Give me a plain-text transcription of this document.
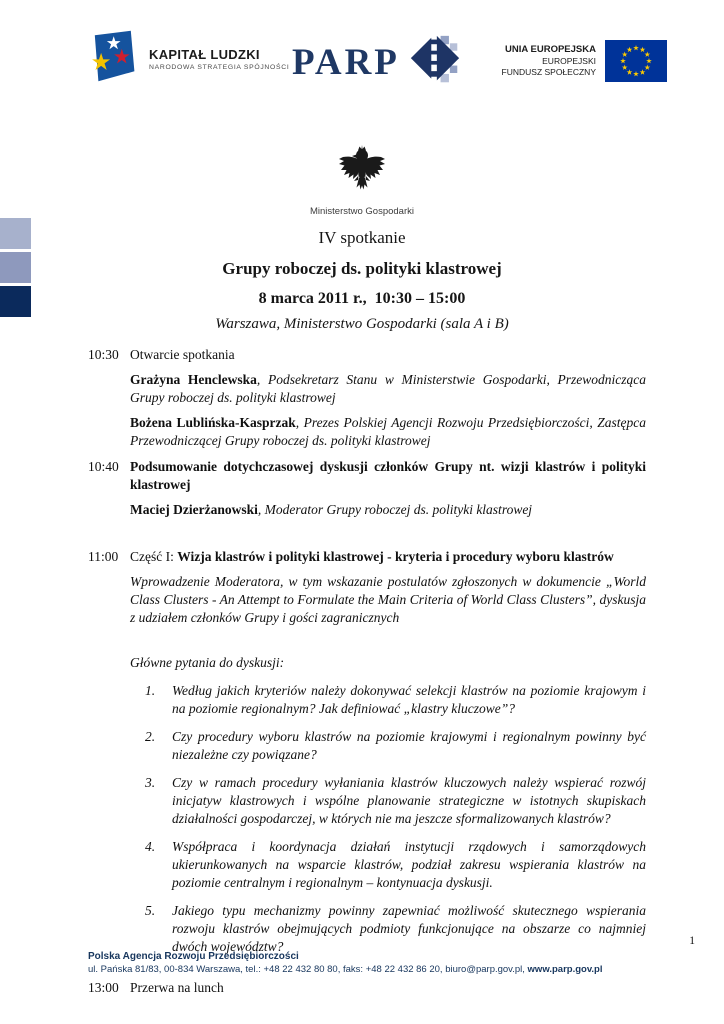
KAPITAŁ LUDZKI
NARODOWA STRATEGIA SPÓJNOŚCI PARP	UNIA EUROPEJSKA
EUROPEJSKI
FUNDUSZ SPOŁECZNY
Ministerstwo Gospodarki
IV spotkanie
Grupy roboczej ds. polityki klastrowej
8 marca 2011 r.,  10:30 – 15:00
Warszawa, Ministerstwo Gospodarki (sala A i B)
10:30 Otwarcie spotkania

Grażyna Henclewska, Podsekretarz Stanu w Ministerstwie Gospodarki, Przewodnicząca Grupy roboczej ds. polityki klastrowej

Bożena Lublińska-Kasprzak, Prezes Polskiej Agencji Rozwoju Przedsiębiorczości, Zastępca Przewodniczącej Grupy roboczej ds. polityki klastrowej

10:40 Podsumowanie dotychczasowej dyskusji członków Grupy nt. wizji klastrów i polityki klastrowej

Maciej Dzierżanowski, Moderator Grupy roboczej ds. polityki klastrowej

11:00 Część I: Wizja klastrów i polityki klastrowej - kryteria i procedury wyboru klastrów

Wprowadzenie Moderatora, w tym wskazanie postulatów zgłoszonych w dokumencie „World Class Clusters - An Attempt to Formulate the Main Criteria of World Class Clusters”, dyskusja z udziałem członków Grupy i gości zagranicznych

Główne pytania do dyskusji:
1.	Według jakich kryteriów należy dokonywać selekcji klastrów na poziomie krajowym i na poziomie regionalnym? Jak definiować „klastry kluczowe”?
2.	Czy procedury wyboru klastrów na poziomie krajowymi i regionalnym powinny być niezależne czy powiązane?
3.	Czy w ramach procedury wyłaniania klastrów kluczowych należy wspierać rozwój inicjatyw klastrowych i wspólne planowanie strategiczne w istotnych skupiskach działalności gospodarczej, w których nie ma jeszcze sformalizowanych klastrów?
4.	Współpraca i koordynacja działań instytucji rządowych i samorządowych ukierunkowanych na wsparcie klastrów, podział zakresu wspierania klastrów na poziomie centralnym i regionalnym – kontynuacja dyskusji.
5.	Jakiego typu mechanizmy powinny zapewniać możliwość skutecznego wspierania rozwoju klastrów obejmujących podmioty funkcjonujące na obszarze co najmniej dwóch województw?
13:00 Przerwa na lunch

1
Polska Agencja Rozwoju Przedsiębiorczości
ul. Pańska 81/83, 00-834 Warszawa, tel.: +48 22 432 80 80, faks: +48 22 432 86 20, biuro@parp.gov.pl, www.parp.gov.pl
